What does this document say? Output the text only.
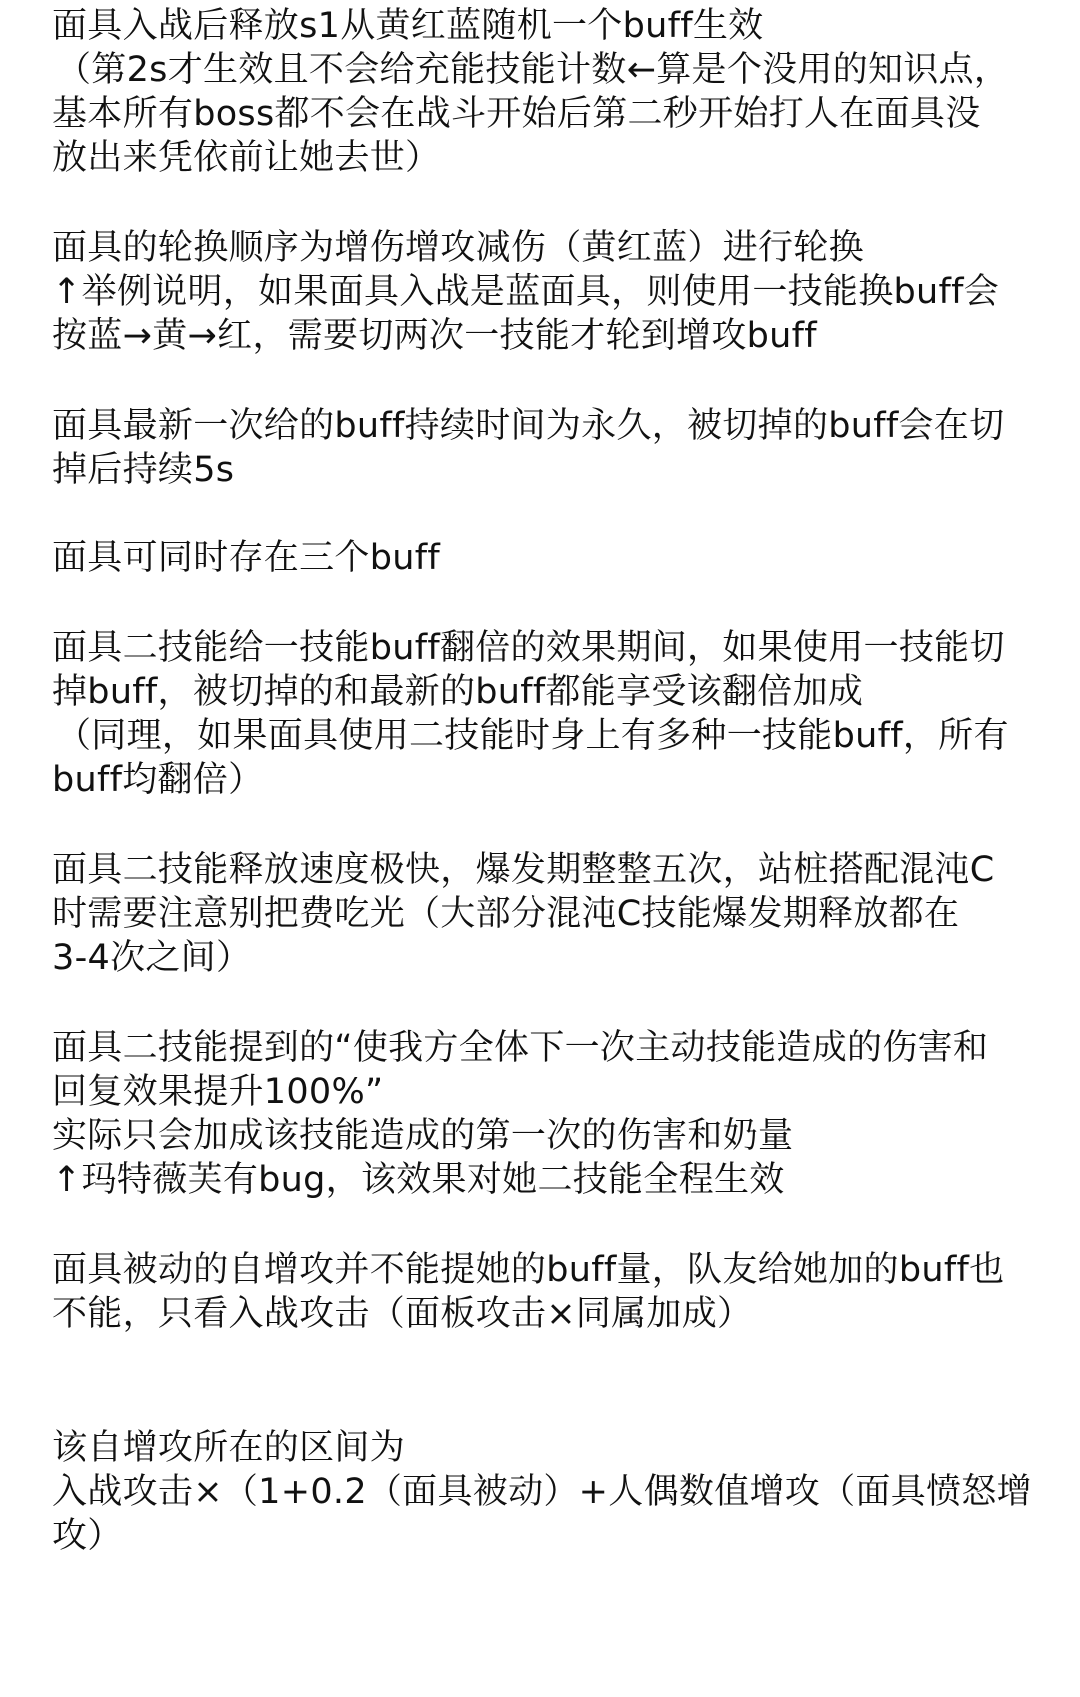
面具入战后释放s1从黄红蓝随机一个buff生效
（第2s才生效且不会给充能技能计数←算是个没用的知识点，
基本所有boss都不会在战斗开始后第二秒开始打人在面具没
放出来凭依前让她去世）
面具的轮换顺序为增伤增攻减伤（黄红蓝）进行轮换
↑举例说明，如果面具入战是蓝面具，则使用一技能换buff会
按蓝→黄→红，需要切两次一技能才轮到增攻buff
面具最新一次给的buff持续时间为永久，被切掉的buff会在切
掉后持续5s
面具可同时存在三个buff
面具二技能给一技能buff翻倍的效果期间，如果使用一技能切
掉buff，被切掉的和最新的buff都能享受该翻倍加成
（同理，如果面具使用二技能时身上有多种一技能buff，所有
buff均翻倍）
面具二技能释放速度极快，爆发期整整五次，站桩搭配混沌C
时需要注意别把费吃光（大部分混沌C技能爆发期释放都在
3-4次之间）
面具二技能提到的“使我方全体下一次主动技能造成的伤害和
回复效果提升100%”
实际只会加成该技能造成的第一次的伤害和奶量
↑玛特薇芙有bug，该效果对她二技能全程生效
面具被动的自增攻并不能提她的buff量，队友给她加的buff也
不能，只看入战攻击（面板攻击×同属加成）
该自增攻所在的区间为
入战攻击×（1+0.2（面具被动）+人偶数值增攻（面具愤怒增
攻）
